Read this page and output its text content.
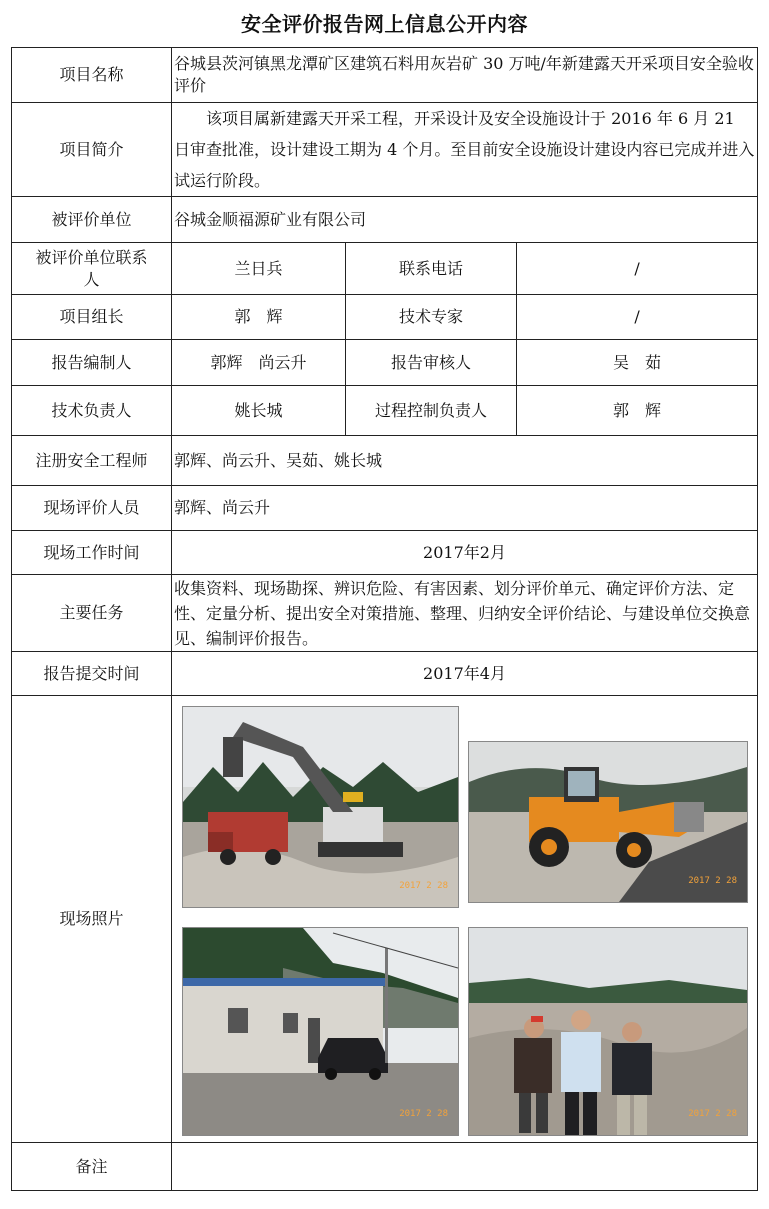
安全评价报告网上信息公开内容
项目名称	谷城县茨河镇黑龙潭矿区建筑石料用灰岩矿 30 万吨/年新建露天开采项目安全验收评价		
项目简介	该项目属新建露天开采工程，开采设计及安全设施设计于 2016 年 6 月 21 日审查批准，设计建设工期为 4 个月。至目前安全设施设计建设内容已完成并进入试运行阶段。		
被评价单位	谷城金顺福源矿业有限公司		
被评价单位联系人	兰日兵	联系电话	/
项目组长	郭　辉	技术专家	/
报告编制人	郭辉　尚云升	报告审核人	吴　茹
技术负责人	姚长城	过程控制负责人	郭　辉
注册安全工程师	郭辉、尚云升、吴茹、姚长城		
现场评价人员	郭辉、尚云升		
现场工作时间	2017年2月		
主要任务	收集资料、现场勘探、辨识危险、有害因素、划分评价单元、确定评价方法、定性、定量分析、提出安全对策措施、整理、归纳安全评价结论、与建设单位交换意见、编制评价报告。		
报告提交时间	2017年4月		
现场照片	2017 2 28 2017 2 28
2017 2 28 2017 2 28		

备注			
